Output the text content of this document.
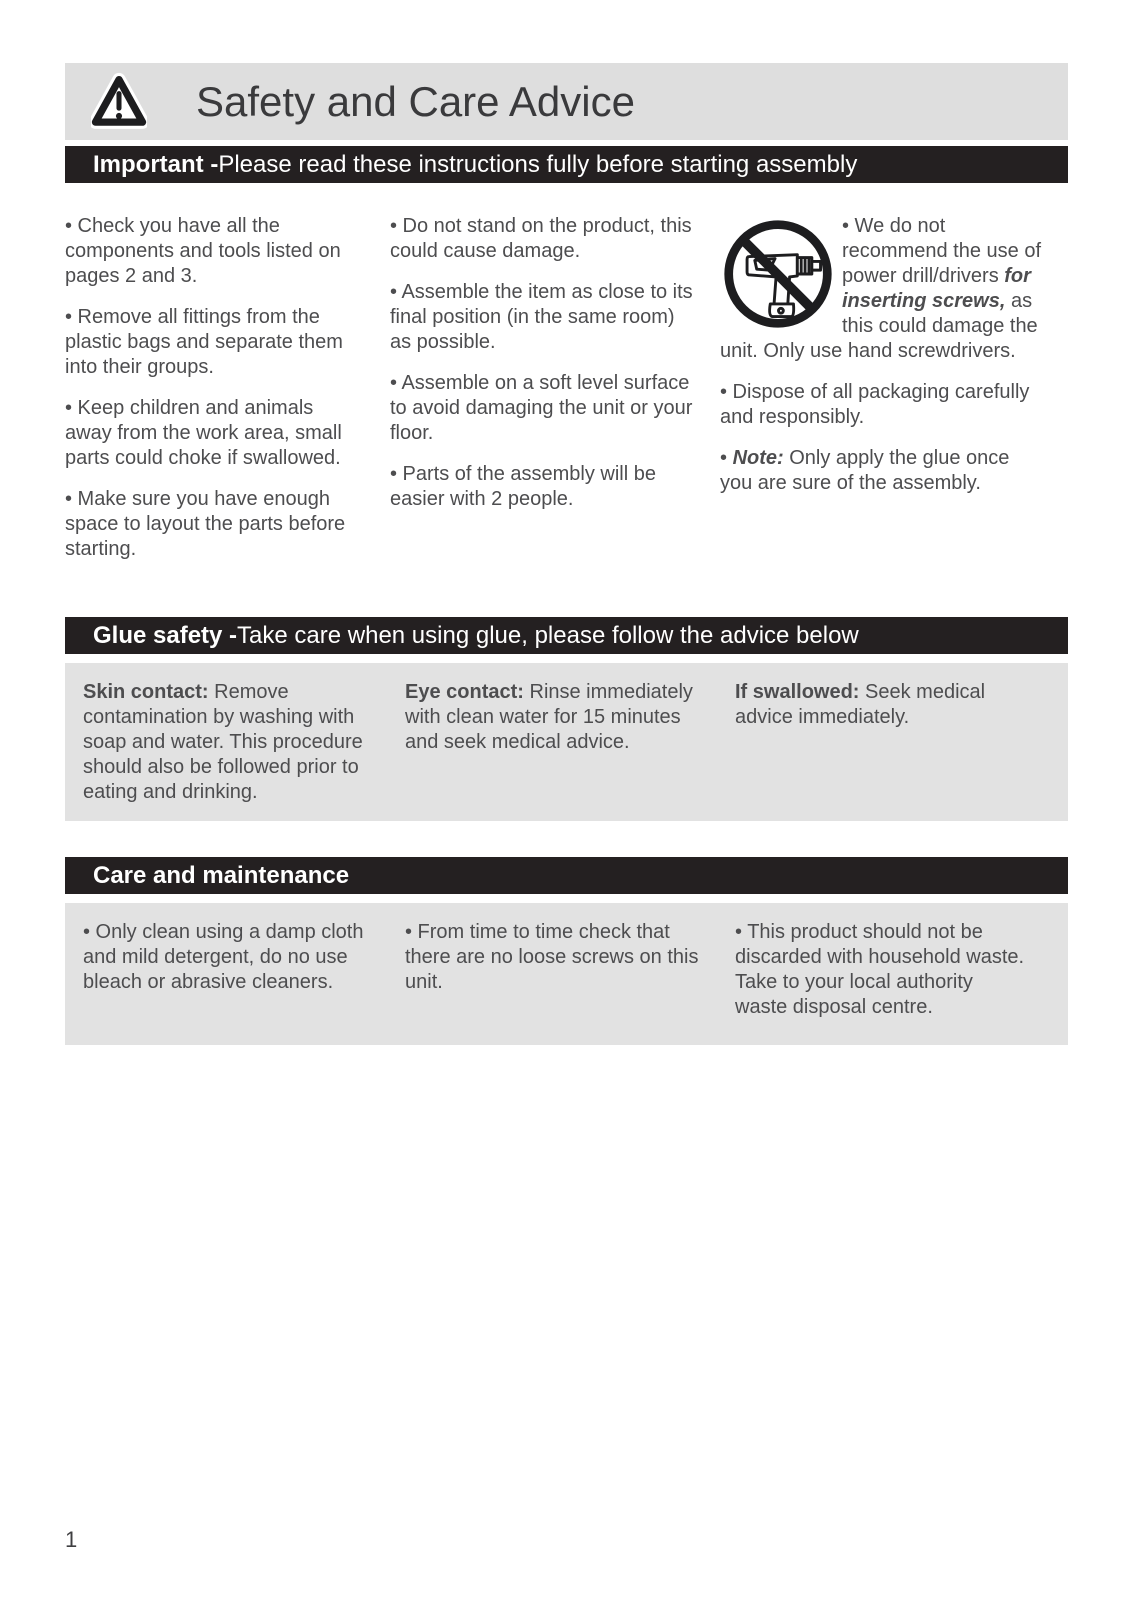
Safety and Care Advice
Important - Please read these instructions fully before starting assembly

• Check you have all the components and tools listed on pages 2 and 3.

• Remove all fittings from the plastic bags and separate them into their groups.

• Keep children and animals away from the work area, small parts could choke if swallowed.

• Make sure you have enough space to layout the parts before starting.

• Do not stand on the product, this could cause damage.

• Assemble the item as close to its final position (in the same room) as possible.

• Assemble on a soft level surface to avoid damaging the unit or your floor.

• Parts of the assembly will be easier with 2 people.

• We do not recommend the use of power drill/drivers for inserting screws, as this could damage the unit. Only use hand screwdrivers.

• Dispose of all packaging carefully and responsibly.

• Note: Only apply the glue once you are sure of the assembly.

Glue safety - Take care when using glue, please follow the advice below
Skin contact: Remove contamination by washing with soap and water. This procedure should also be followed prior to eating and drinking.
Eye contact: Rinse immediately with clean water for 15 minutes and seek medical advice.
If swallowed: Seek medical advice immediately.
Care and maintenance
• Only clean using a damp cloth and mild detergent, do no use bleach or abrasive cleaners.
• From time to time check that there are no loose screws on this unit.
• This product should not be discarded with household waste. Take to your local authority waste disposal centre.
1
